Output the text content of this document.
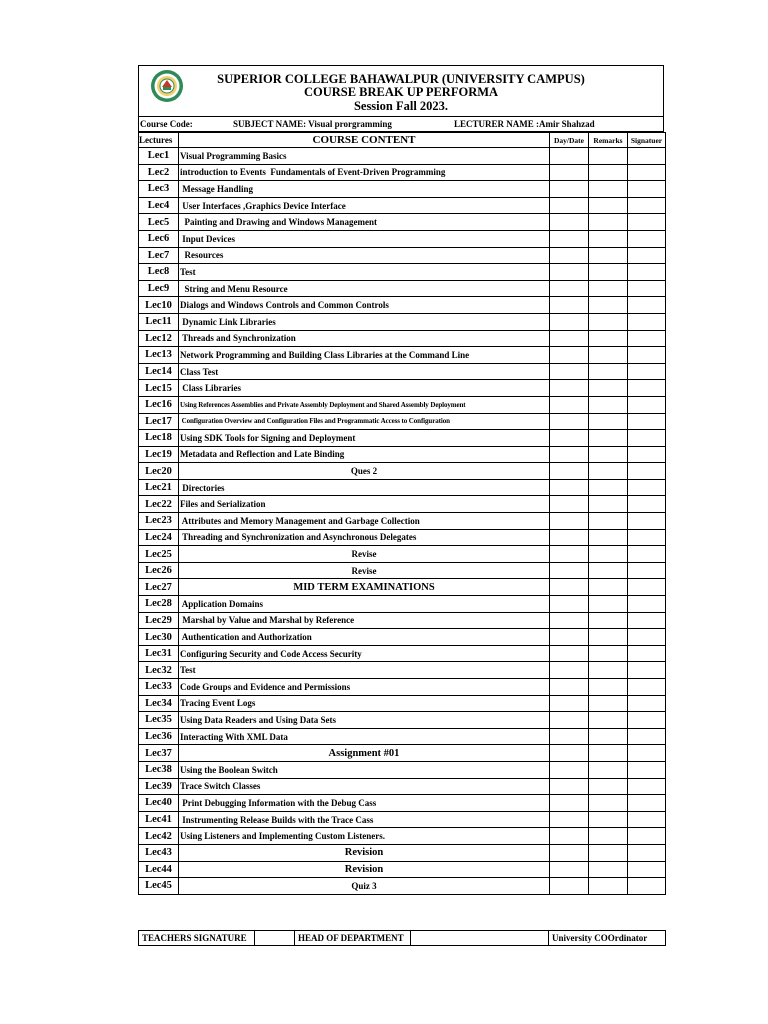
SUPERIOR COLLEGE BAHAWALPUR (UNIVERSITY CAMPUS)
COURSE BREAK UP PERFORMA
Session Fall 2023.
Course Code:	SUBJECT NAME: Visual prorgramming	LECTURER NAME :Amir Shahzad
Lectures	COURSE CONTENT	Day/Date	Remarks	Signatuer
Lec1	Visual Programming Basics			
Lec2	introduction to Events  Fundamentals of Event-Driven Programming			
Lec3	Message Handling			
Lec4	User Interfaces ,Graphics Device Interface			
Lec5	Painting and Drawing and Windows Management			
Lec6	Input Devices			
Lec7	Resources			
Lec8	Test			
Lec9	String and Menu Resource			
Lec10	Dialogs and Windows Controls and Common Controls			
Lec11	Dynamic Link Libraries			
Lec12	Threads and Synchronization			
Lec13	Network Programming and Building Class Libraries at the Command Line			
Lec14	Class Test			
Lec15	Class Libraries			
Lec16	Using References Assemblies and Private Assembly Deployment and Shared Assembly Deployment			
Lec17	Configuration Overview and Configuration Files and Programmatic Access to Configuration			
Lec18	Using SDK Tools for Signing and Deployment			
Lec19	Metadata and Reflection and Late Binding			
Lec20	Ques 2			
Lec21	Directories			
Lec22	Files and Serialization			
Lec23	Attributes and Memory Management and Garbage Collection			
Lec24	Threading and Synchronization and Asynchronous Delegates			
Lec25	Revise			
Lec26	Revise			
Lec27	MID TERM EXAMINATIONS			
Lec28	Application Domains			
Lec29	Marshal by Value and Marshal by Reference			
Lec30	Authentication and Authorization			
Lec31	Configuring Security and Code Access Security			
Lec32	Test			
Lec33	Code Groups and Evidence and Permissions			
Lec34	Tracing Event Logs			
Lec35	Using Data Readers and Using Data Sets			
Lec36	Interacting With XML Data			
Lec37	Assignment #01			
Lec38	Using the Boolean Switch			
Lec39	Trace Switch Classes			
Lec40	Print Debugging Information with the Debug Cass			
Lec41	Instrumenting Release Builds with the Trace Cass			
Lec42	Using Listeners and Implementing Custom Listeners.			
Lec43	Revision			
Lec44	Revision			
Lec45	Quiz 3			
TEACHERS SIGNATURE		HEAD OF DEPARTMENT		University COOrdinator
